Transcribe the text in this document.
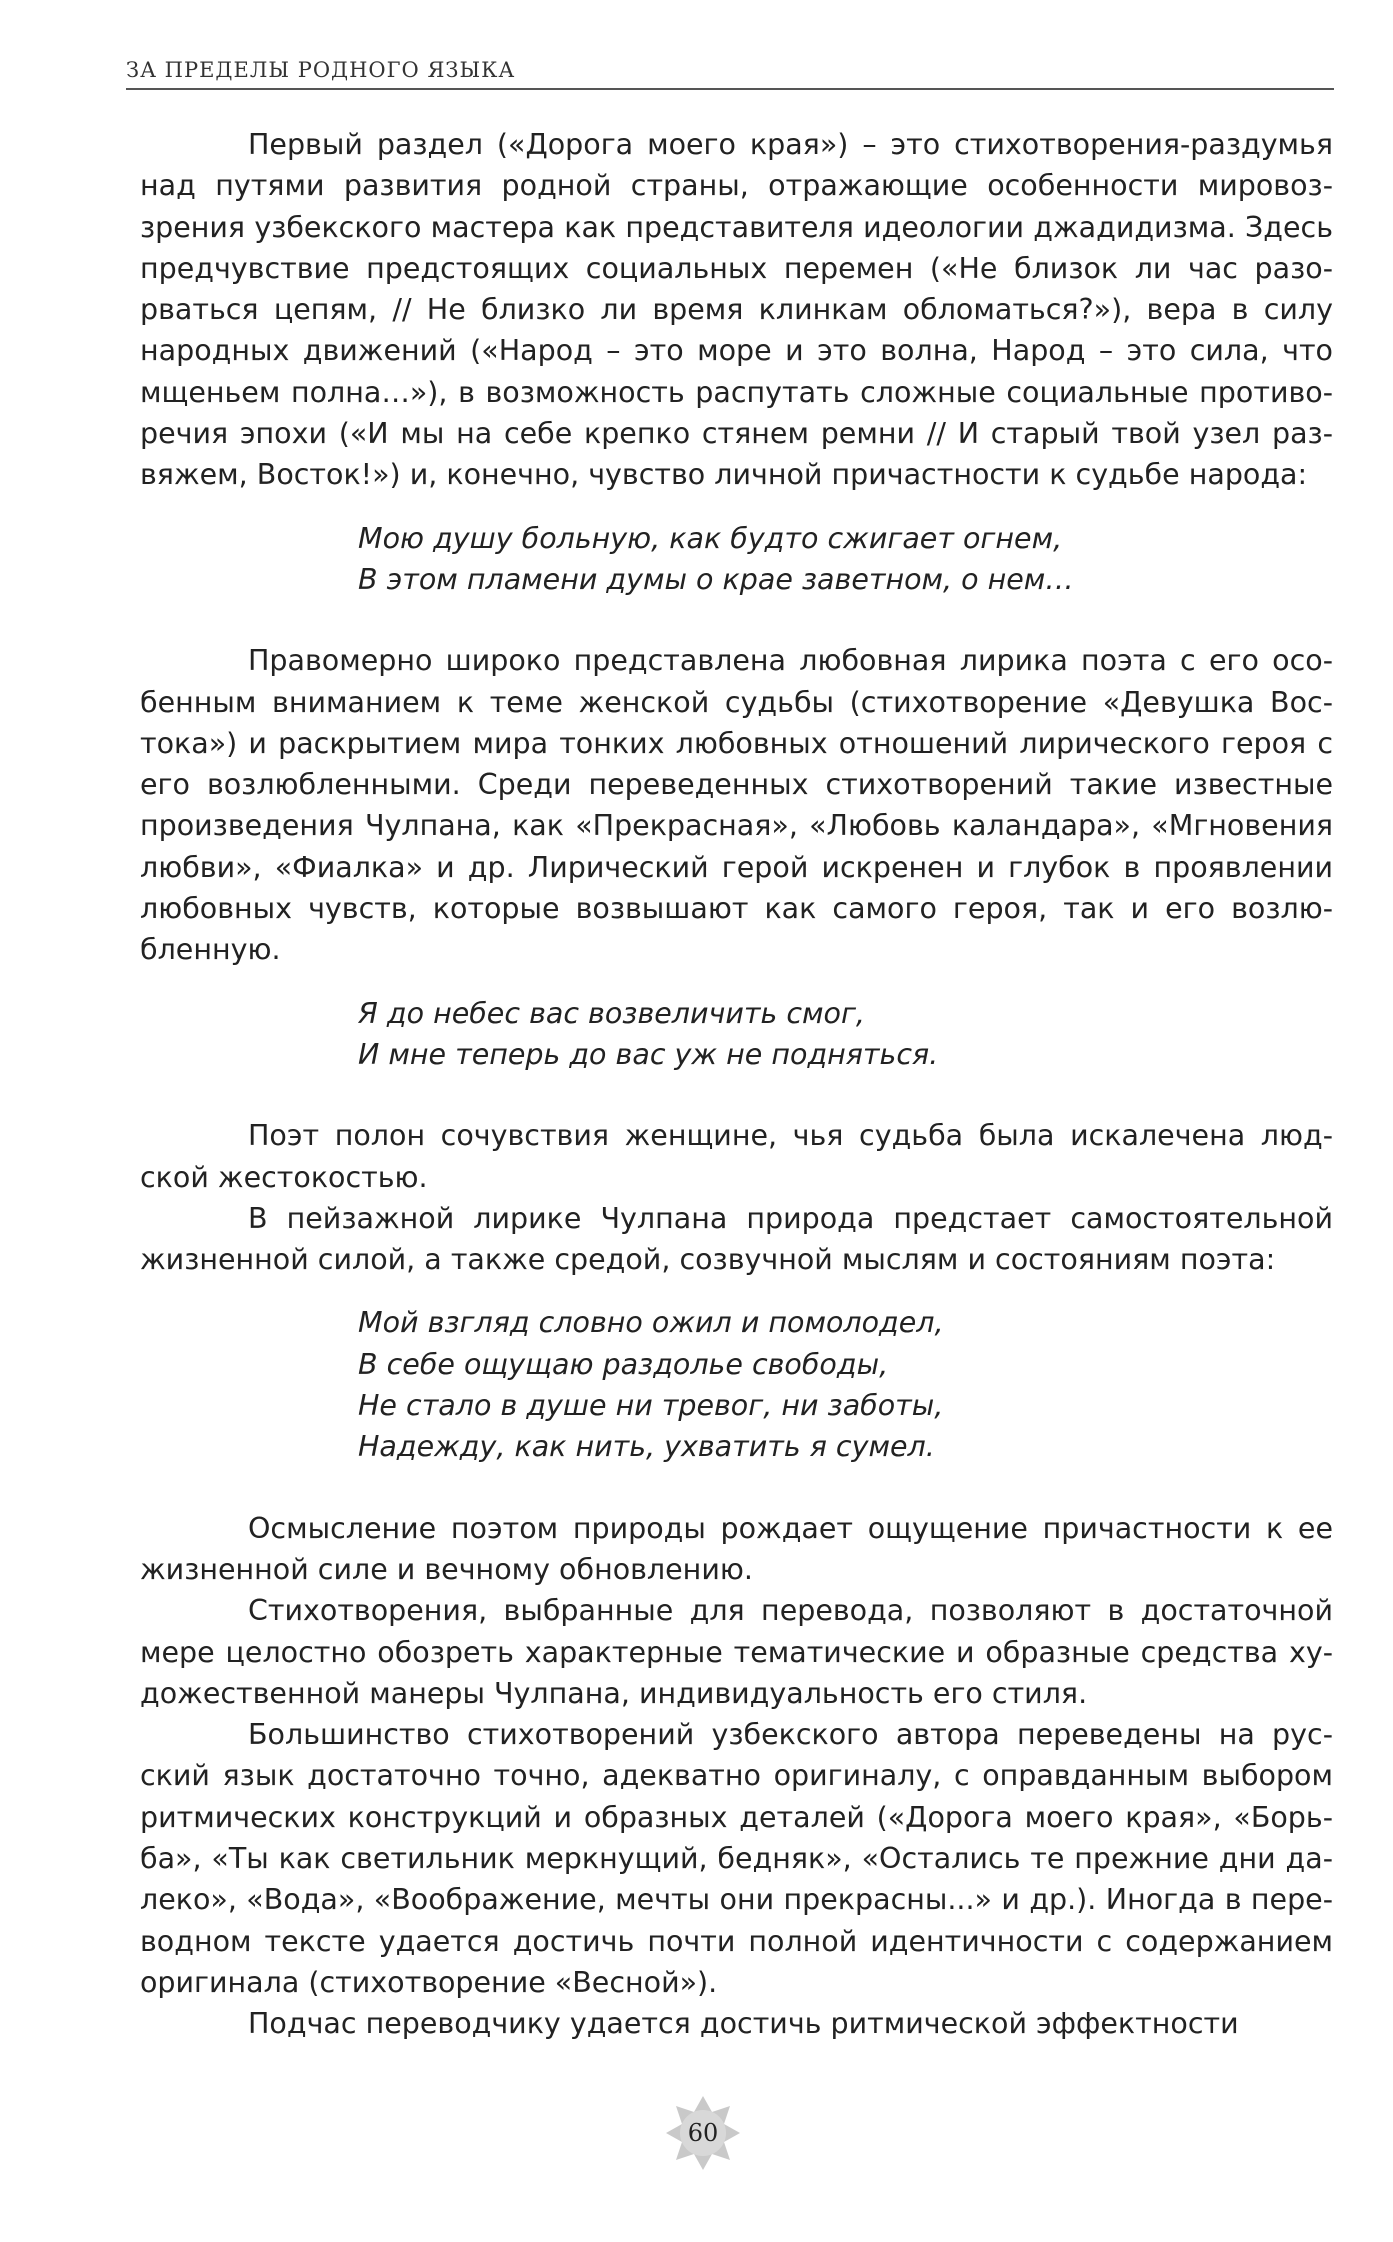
ЗА ПРЕДЕЛЫ РОДНОГО ЯЗЫКА

Первый раздел («Дорога моего края») – это стихотворения-раздумья над путями развития родной страны, отражающие особенности мировоззрения узбекского мастера как представителя идеологии джадидизма. Здесь предчувствие предстоящих социальных перемен («Не близок ли час разорваться цепям, // Не близко ли время клинкам обломаться?»), вера в силу народных движений («Народ – это море и это волна, Народ – это сила, что мщеньем полна…»), в возможность распутать сложные социальные противоречия эпохи («И мы на себе крепко стянем ремни // И старый твой узел развяжем, Восток!») и, конечно, чувство личной причастности к судьбе народа:

Мою душу больную, как будто сжигает огнем,
В этом пламени думы о крае заветном, о нем…

Правомерно широко представлена любовная лирика поэта с его особенным вниманием к теме женской судьбы (стихотворение «Девушка Востока») и раскрытием мира тонких любовных отношений лирического героя с его возлюбленными. Среди переведенных стихотворений такие известные произведения Чулпана, как «Прекрасная», «Любовь каландара», «Мгновения любви», «Фиалка» и др. Лирический герой искренен и глубок в проявлении любовных чувств, которые возвышают как самого героя, так и его возлюбленную.

Я до небес вас возвеличить смог,
И мне теперь до вас уж не подняться.

Поэт полон сочувствия женщине, чья судьба была искалечена людской жестокостью.

В пейзажной лирике Чулпана природа предстает самостоятельной жизненной силой, а также средой, созвучной мыслям и состояниям поэта:

Мой взгляд словно ожил и помолодел,
В себе ощущаю раздолье свободы,
Не стало в душе ни тревог, ни заботы,
Надежду, как нить, ухватить я сумел.

Осмысление поэтом природы рождает ощущение причастности к ее жизненной силе и вечному обновлению.

Стихотворения, выбранные для перевода, позволяют в достаточной мере целостно обозреть характерные тематические и образные средства художественной манеры Чулпана, индивидуальность его стиля.

Большинство стихотворений узбекского автора переведены на русский язык достаточно точно, адекватно оригиналу, с оправданным выбором ритмических конструкций и образных деталей («Дорога моего края», «Борьба», «Ты как светильник меркнущий, бедняк», «Остались те прежние дни далеко», «Вода», «Воображение, мечты они прекрасны...» и др.). Иногда в переводном тексте удается достичь почти полной идентичности с содержанием оригинала (стихотворение «Весной»).

Подчас переводчику удается достичь ритмической эффектности

60
